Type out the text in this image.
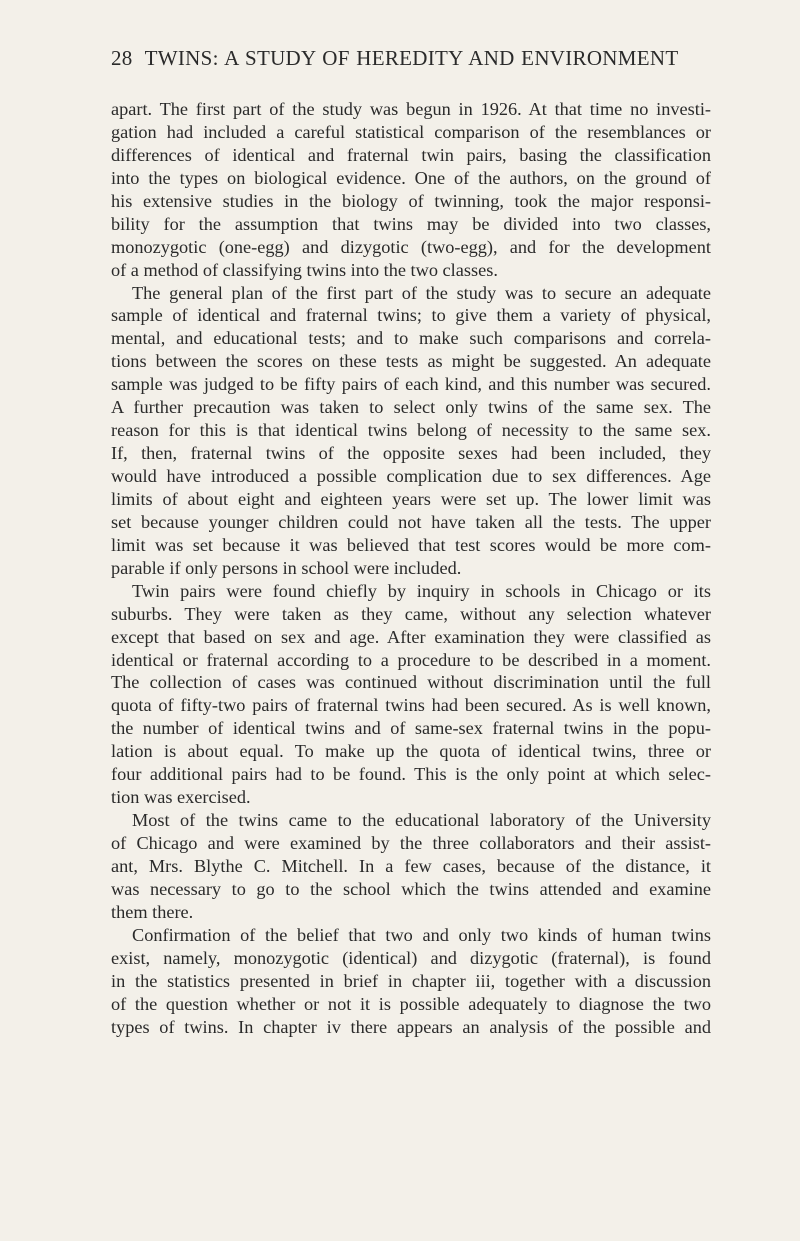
28 TWINS: A STUDY OF HEREDITY AND ENVIRONMENT
apart. The first part of the study was begun in 1926. At that time no investi-
gation had included a careful statistical comparison of the resemblances or
differences of identical and fraternal twin pairs, basing the classification
into the types on biological evidence. One of the authors, on the ground of
his extensive studies in the biology of twinning, took the major responsi-
bility for the assumption that twins may be divided into two classes,
monozygotic (one-egg) and dizygotic (two-egg), and for the development
of a method of classifying twins into the two classes.
The general plan of the first part of the study was to secure an adequate
sample of identical and fraternal twins; to give them a variety of physical,
mental, and educational tests; and to make such comparisons and correla-
tions between the scores on these tests as might be suggested. An adequate
sample was judged to be fifty pairs of each kind, and this number was secured.
A further precaution was taken to select only twins of the same sex. The
reason for this is that identical twins belong of necessity to the same sex.
If, then, fraternal twins of the opposite sexes had been included, they
would have introduced a possible complication due to sex differences. Age
limits of about eight and eighteen years were set up. The lower limit was
set because younger children could not have taken all the tests. The upper
limit was set because it was believed that test scores would be more com-
parable if only persons in school were included.
Twin pairs were found chiefly by inquiry in schools in Chicago or its
suburbs. They were taken as they came, without any selection whatever
except that based on sex and age. After examination they were classified as
identical or fraternal according to a procedure to be described in a moment.
The collection of cases was continued without discrimination until the full
quota of fifty-two pairs of fraternal twins had been secured. As is well known,
the number of identical twins and of same-sex fraternal twins in the popu-
lation is about equal. To make up the quota of identical twins, three or
four additional pairs had to be found. This is the only point at which selec-
tion was exercised.
Most of the twins came to the educational laboratory of the University
of Chicago and were examined by the three collaborators and their assist-
ant, Mrs. Blythe C. Mitchell. In a few cases, because of the distance, it
was necessary to go to the school which the twins attended and examine
them there.
Confirmation of the belief that two and only two kinds of human twins
exist, namely, monozygotic (identical) and dizygotic (fraternal), is found
in the statistics presented in brief in chapter iii, together with a discussion
of the question whether or not it is possible adequately to diagnose the two
types of twins. In chapter iv there appears an analysis of the possible and
